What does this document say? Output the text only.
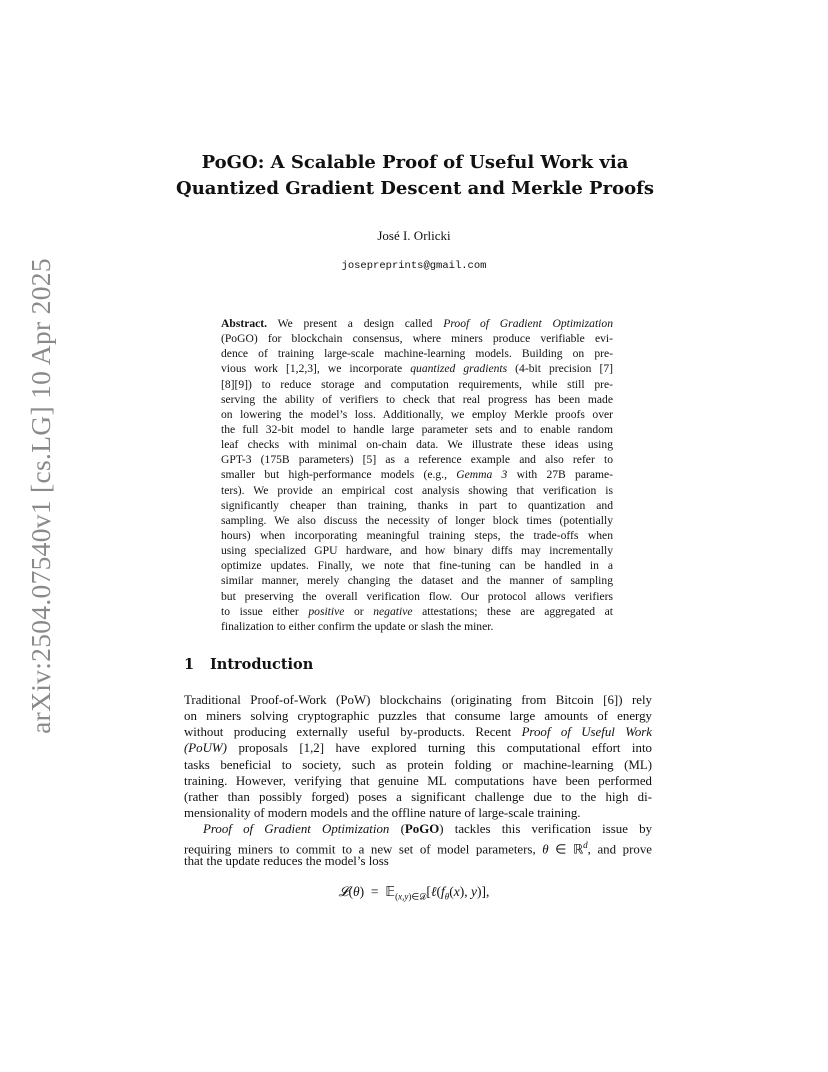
arXiv:2504.07540v1 [cs.LG] 10 Apr 2025
PoGO: A Scalable Proof of Useful Work via
Quantized Gradient Descent and Merkle Proofs
José I. Orlicki
josepreprints@gmail.com
Abstract. We present a design called Proof of Gradient Optimization
(PoGO) for blockchain consensus, where miners produce verifiable evi-
dence of training large-scale machine-learning models. Building on pre-
vious work [1,2,3], we incorporate quantized gradients (4-bit precision [7]
[8][9]) to reduce storage and computation requirements, while still pre-
serving the ability of verifiers to check that real progress has been made
on lowering the model’s loss. Additionally, we employ Merkle proofs over
the full 32-bit model to handle large parameter sets and to enable random
leaf checks with minimal on-chain data. We illustrate these ideas using
GPT-3 (175B parameters) [5] as a reference example and also refer to
smaller but high-performance models (e.g., Gemma 3 with 27B parame-
ters). We provide an empirical cost analysis showing that verification is
significantly cheaper than training, thanks in part to quantization and
sampling. We also discuss the necessity of longer block times (potentially
hours) when incorporating meaningful training steps, the trade-offs when
using specialized GPU hardware, and how binary diffs may incrementally
optimize updates. Finally, we note that fine-tuning can be handled in a
similar manner, merely changing the dataset and the manner of sampling
but preserving the overall verification flow. Our protocol allows verifiers
to issue either positive or negative attestations; these are aggregated at
finalization to either confirm the update or slash the miner.
1 Introduction
Traditional Proof-of-Work (PoW) blockchains (originating from Bitcoin [6]) rely
on miners solving cryptographic puzzles that consume large amounts of energy
without producing externally useful by-products. Recent Proof of Useful Work
(PoUW) proposals [1,2] have explored turning this computational effort into
tasks beneficial to society, such as protein folding or machine-learning (ML)
training. However, verifying that genuine ML computations have been performed
(rather than possibly forged) poses a significant challenge due to the high di-
mensionality of modern models and the offline nature of large-scale training.
Proof of Gradient Optimization (PoGO) tackles this verification issue by
requiring miners to commit to a new set of model parameters, θ ∈ ℝ$^d$, and prove
that the update reduces the model’s loss
𝓛(θ)  =  $𝔼_{(x,y)\in 𝒟}[\ell(f_\theta(x)$, y)],
